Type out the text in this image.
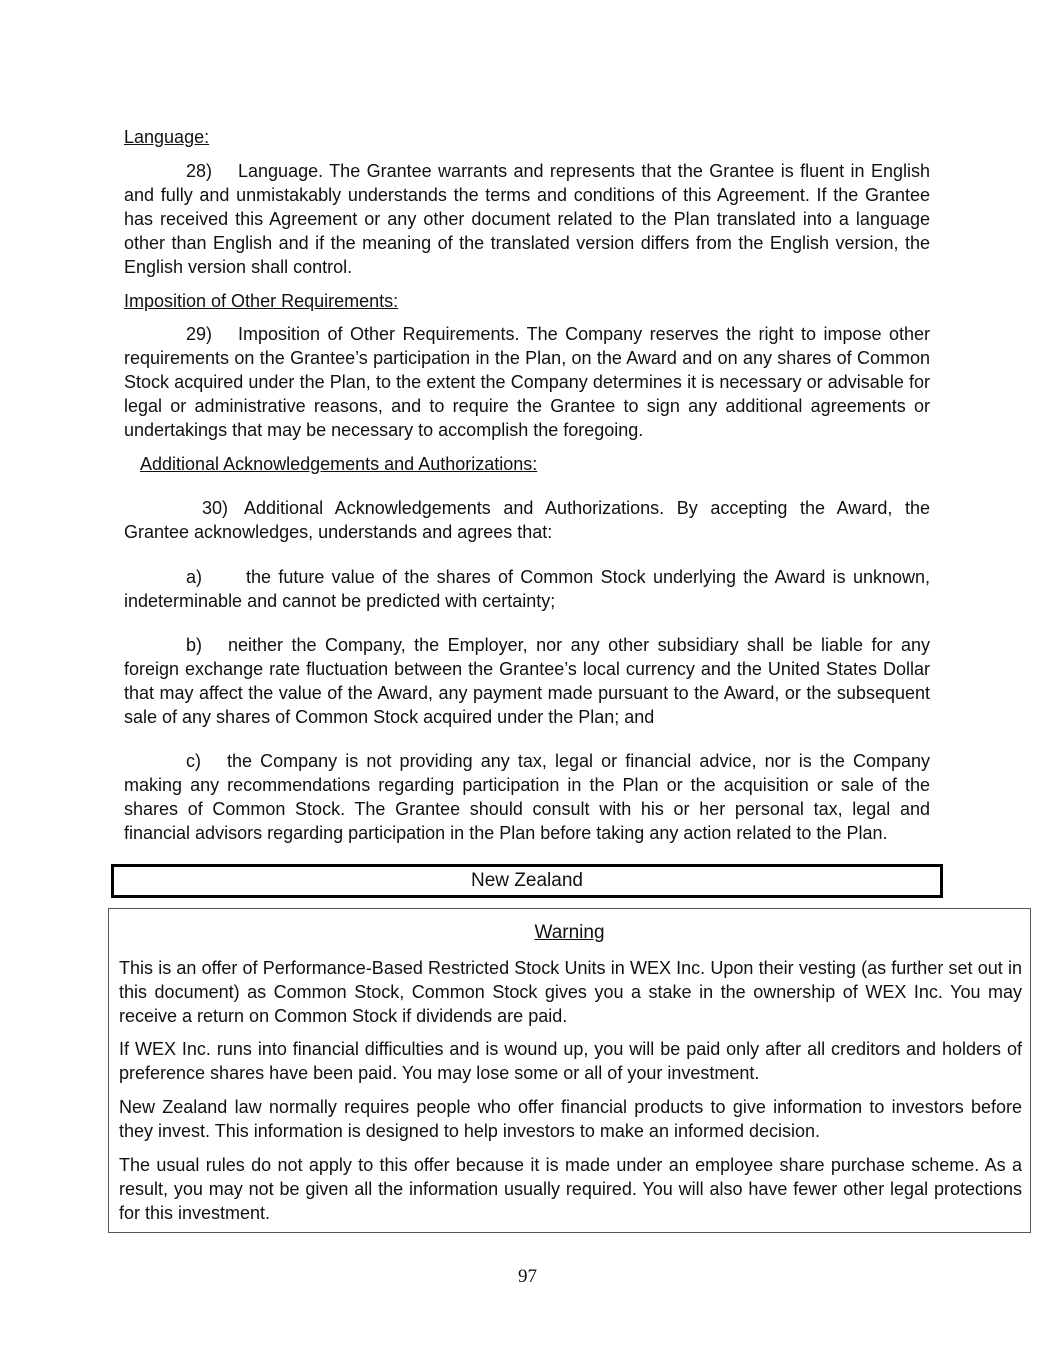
Language:

28) Language. The Grantee warrants and represents that the Grantee is fluent in English and fully and unmistakably understands the terms and conditions of this Agreement. If the Grantee has received this Agreement or any other document related to the Plan translated into a language other than English and if the meaning of the translated version differs from the English version, the English version shall control.

Imposition of Other Requirements:

29) Imposition of Other Requirements. The Company reserves the right to impose other requirements on the Grantee’s participation in the Plan, on the Award and on any shares of Common Stock acquired under the Plan, to the extent the Company determines it is necessary or advisable for legal or administrative reasons, and to require the Grantee to sign any additional agreements or undertakings that may be necessary to accomplish the foregoing.

Additional Acknowledgements and Authorizations:

30) Additional Acknowledgements and Authorizations. By accepting the Award, the Grantee acknowledges, understands and agrees that:

a) the future value of the shares of Common Stock underlying the Award is unknown, indeterminable and cannot be predicted with certainty;

b) neither the Company, the Employer, nor any other subsidiary shall be liable for any foreign exchange rate fluctuation between the Grantee’s local currency and the United States Dollar that may affect the value of the Award, any payment made pursuant to the Award, or the subsequent sale of any shares of Common Stock acquired under the Plan; and

c) the Company is not providing any tax, legal or financial advice, nor is the Company making any recommendations regarding participation in the Plan or the acquisition or sale of the shares of Common Stock. The Grantee should consult with his or her personal tax, legal and financial advisors regarding participation in the Plan before taking any action related to the Plan.

New Zealand
Warning

This is an offer of Performance-Based Restricted Stock Units in WEX Inc. Upon their vesting (as further set out in this document) as Common Stock, Common Stock gives you a stake in the ownership of WEX Inc. You may receive a return on Common Stock if dividends are paid.

If WEX Inc. runs into financial difficulties and is wound up, you will be paid only after all creditors and holders of preference shares have been paid. You may lose some or all of your investment.

New Zealand law normally requires people who offer financial products to give information to investors before they invest. This information is designed to help investors to make an informed decision.

The usual rules do not apply to this offer because it is made under an employee share purchase scheme. As a result, you may not be given all the information usually required. You will also have fewer other legal protections for this investment.

97
